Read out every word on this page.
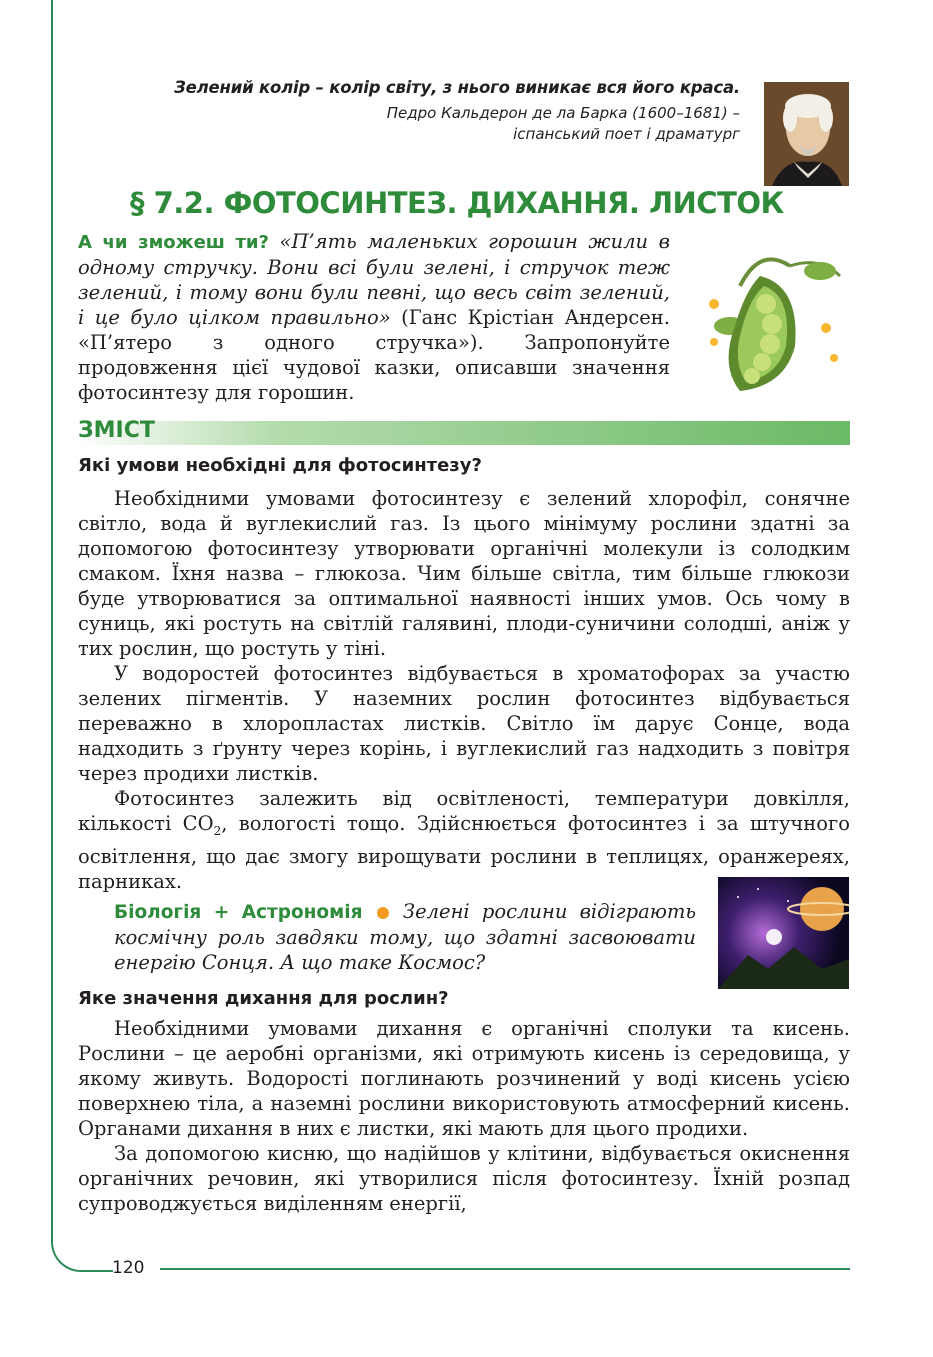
120
Зелений колір – колір світу, з нього виникає вся його краса.
Педро Кальдерон де ла Барка (1600–1681) –
іспанський поет і драматург
§ 7.2. ФОТОСИНТЕЗ. ДИХАННЯ. ЛИСТОК
А чи зможеш ти? «П’ять маленьких горошин жили в одному стручку. Вони всі були зелені, і стручок теж зелений, і тому вони були певні, що весь світ зелений, і це було цілком правильно» (Ганс Крістіан Андерсен. «П’ятеро з одного стручка»). Запропонуйте продовження цієї чудової казки, описавши значення фотосинтезу для горошин.
ЗМІСТ
Які умови необхідні для фотосинтезу?

Необхідними умовами фотосинтезу є зелений хлорофіл, сонячне світло, вода й вуглекислий газ. Із цього мінімуму рослини здатні за допомогою фотосинтезу утворювати органічні молекули із солодким смаком. Їхня назва – глюкоза. Чим більше світла, тим більше глюкози буде утворюватися за оптимальної наявності інших умов. Ось чому в суниць, які ростуть на світлій галявині, плоди-суничини солодші, аніж у тих рослин, що ростуть у тіні.

У водоростей фотосинтез відбувається в хроматофорах за участю зелених пігментів. У наземних рослин фотосинтез відбувається переважно в хлоропластах листків. Світло їм дарує Сонце, вода надходить з ґрунту через корінь, і вуглекислий газ надходить з повітря через продихи листків.

Фотосинтез залежить від освітленості, температури довкілля, кількості $CO_2$, вологості тощо. Здійснюється фотосинтез і за штучного освітлення, що дає змогу вирощувати рослини в теплицях, оранжереях, парниках.

Біологія + Астрономія Зелені рослини відіграють космічну роль завдяки тому, що здатні засвоювати енергію Сонця. А що таке Космос?
Яке значення дихання для рослин?

Необхідними умовами дихання є органічні сполуки та кисень. Рослини – це аеробні організми, які отримують кисень із середовища, у якому живуть. Водорості поглинають розчинений у воді кисень усією поверхнею тіла, а наземні рослини використовують атмосферний кисень. Органами дихання в них є листки, які мають для цього продихи.

За допомогою кисню, що надійшов у клітини, відбувається окиснення органічних речовин, які утворилися після фотосинтезу. Їхній розпад супроводжується виділенням енергії,
